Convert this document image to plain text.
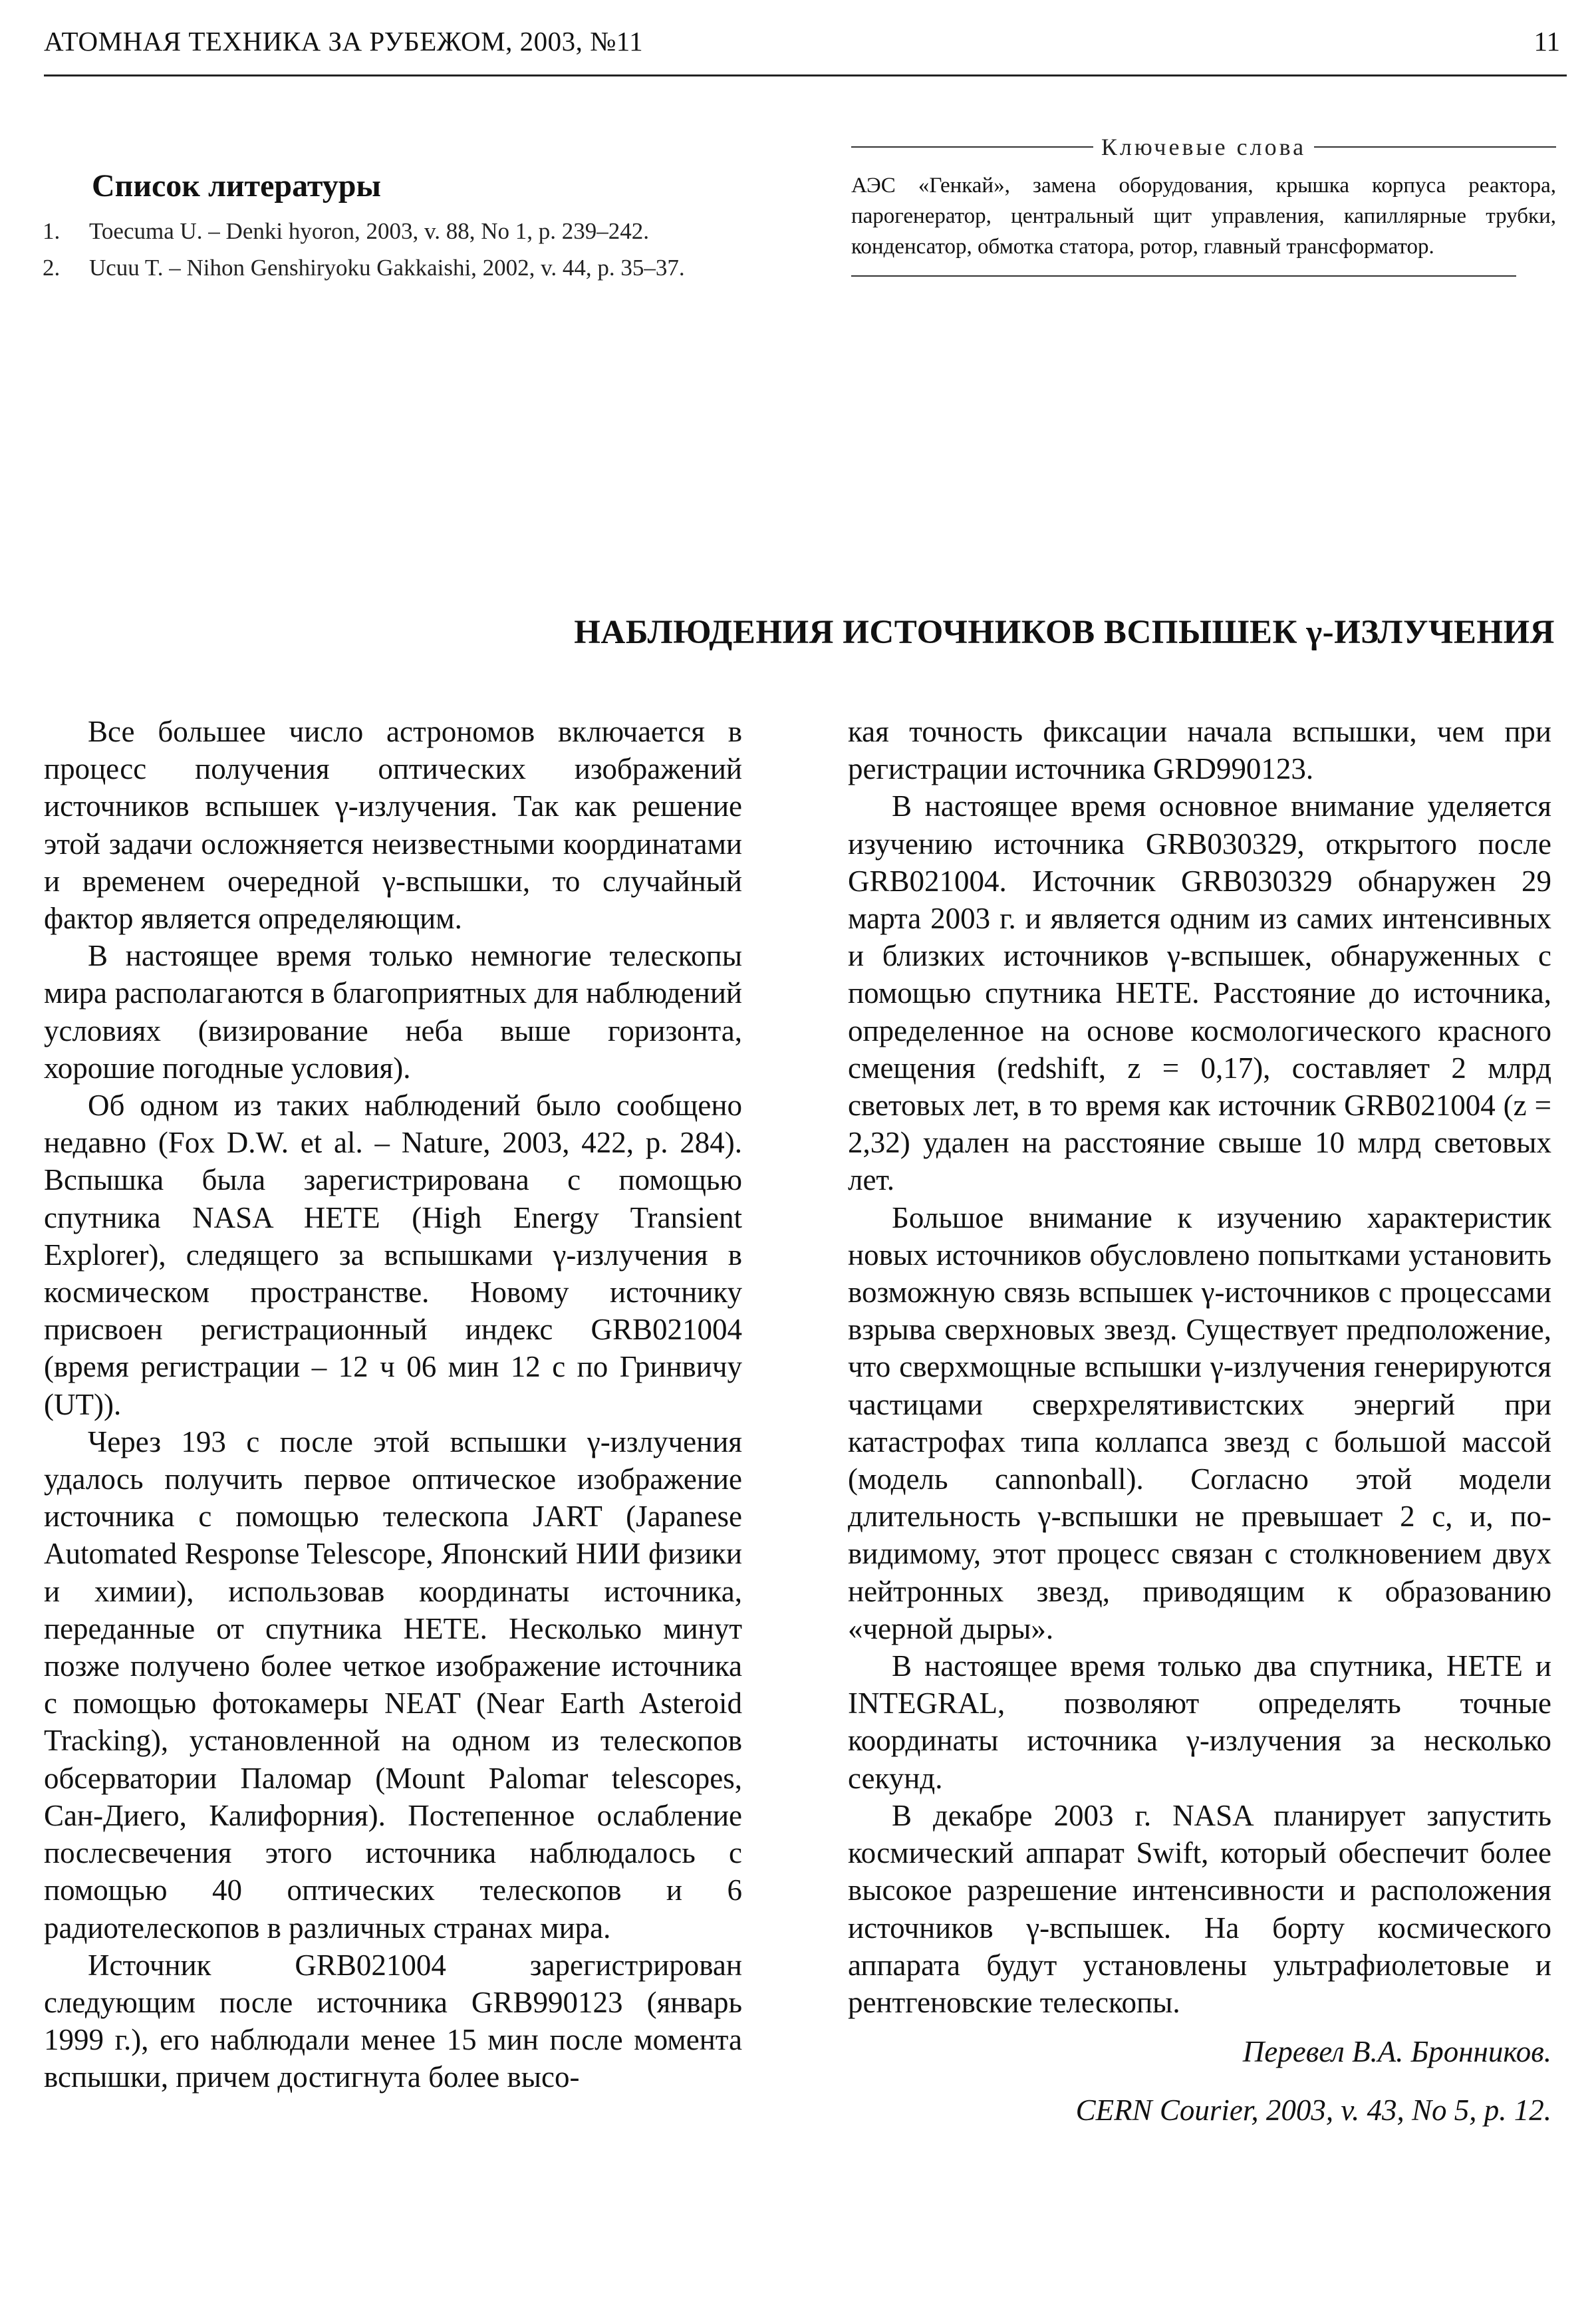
АТОМНАЯ ТЕХНИКА ЗА РУБЕЖОМ, 2003, №11	11
Список литературы
1. Toecuma U. – Denki hyoron, 2003, v. 88, No 1, p. 239–242.
2. Ucuu T. – Nihon Genshiryoku Gakkaishi, 2002, v. 44, p. 35–37.
Ключевые слова
АЭС «Генкай», замена оборудования, крышка корпуса реактора, парогенератор, центральный щит управления, капиллярные трубки, конденсатор, обмотка статора, ротор, главный трансформатор.
НАБЛЮДЕНИЯ ИСТОЧНИКОВ ВСПЫШЕК γ-ИЗЛУЧЕНИЯ

Все большее число астрономов включается в процесс получения оптических изображений источников вспышек γ-излучения. Так как решение этой задачи осложняется неизвестными координатами и временем очередной γ-вспышки, то случайный фактор является определяющим.

В настоящее время только немногие телескопы мира располагаются в благоприятных для наблюдений условиях (визирование неба выше горизонта, хорошие погодные условия).

Об одном из таких наблюдений было сообщено недавно (Fox D.W. et al. – Nature, 2003, 422, p. 284). Вспышка была зарегистрирована с помощью спутника NASA HETE (High Energy Transient Explorer), следящего за вспышками γ-излучения в космическом пространстве. Новому источнику присвоен регистрационный индекс GRB021004 (время регистрации – 12 ч 06 мин 12 с по Гринвичу (UT)).

Через 193 с после этой вспышки γ-излучения удалось получить первое оптическое изображение источника с помощью телескопа JART (Japanese Automated Response Telescope, Японский НИИ физики и химии), использовав координаты источника, переданные от спутника HETE. Несколько минут позже получено более четкое изображение источника с помощью фотокамеры NEAT (Near Earth Asteroid Tracking), установленной на одном из телескопов обсерватории Паломар (Mount Palomar telescopes, Сан-Диего, Калифорния). Постепенное ослабление послесвечения этого источника наблюдалось с помощью 40 оптических телескопов и 6 радиотелескопов в различных странах мира.

Источник GRB021004 зарегистрирован следующим после источника GRB990123 (январь 1999 г.), его наблюдали менее 15 мин после момента вспышки, причем достигнута более высо-

кая точность фиксации начала вспышки, чем при регистрации источника GRD990123.

В настоящее время основное внимание уделяется изучению источника GRB030329, открытого после GRB021004. Источник GRB030329 обнаружен 29 марта 2003 г. и является одним из самих интенсивных и близких источников γ-вспышек, обнаруженных с помощью спутника HETE. Расстояние до источника, определенное на основе космологического красного смещения (redshift, z = 0,17), составляет 2 млрд световых лет, в то время как источник GRB021004 (z = 2,32) удален на расстояние свыше 10 млрд световых лет.

Большое внимание к изучению характеристик новых источников обусловлено попытками установить возможную связь вспышек γ-источников с процессами взрыва сверхновых звезд. Существует предположение, что сверхмощные вспышки γ-излучения генерируются частицами сверхрелятивистских энергий при катастрофах типа коллапса звезд с большой массой (модель cannonball). Согласно этой модели длительность γ-вспышки не превышает 2 с, и, по-видимому, этот процесс связан с столкновением двух нейтронных звезд, приводящим к образованию «черной дыры».

В настоящее время только два спутника, HETE и INTEGRAL, позволяют определять точные координаты источника γ-излучения за несколько секунд.

В декабре 2003 г. NASA планирует запустить космический аппарат Swift, который обеспечит более высокое разрешение интенсивности и расположения источников γ-вспышек. На борту космического аппарата будут установлены ультрафиолетовые и рентгеновские телескопы.

Перевел В.А. Бронников.

CERN Courier, 2003, v. 43, No 5, p. 12.
